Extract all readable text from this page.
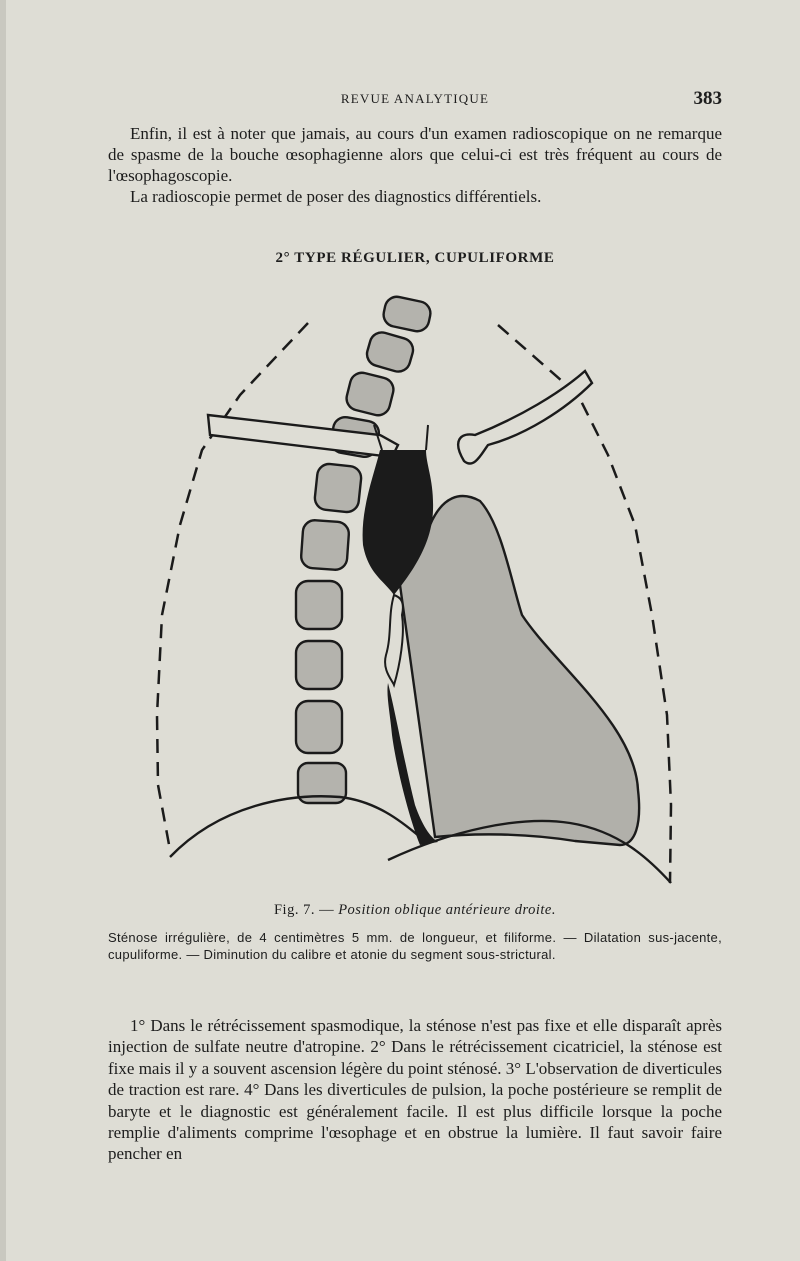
REVUE ANALYTIQUE	383

Enfin, il est à noter que jamais, au cours d'un examen radioscopique on ne remarque de spasme de la bouche œsophagienne alors que celui-ci est très fréquent au cours de l'œsophagoscopie.

La radioscopie permet de poser des diagnostics différentiels.

2° TYPE RÉGULIER, CUPULIFORME
Fig. 7. — Position oblique antérieure droite.
Sténose irrégulière, de 4 centimètres 5 mm. de longueur, et filiforme. — Dilatation sus-jacente, cupuliforme. — Diminution du calibre et atonie du segment sous-strictural.

1° Dans le rétrécissement spasmodique, la sténose n'est pas fixe et elle disparaît après injection de sulfate neutre d'atropine. 2° Dans le rétrécissement cicatriciel, la sténose est fixe mais il y a souvent ascension légère du point sténosé. 3° L'observation de diverticules de traction est rare. 4° Dans les diverticules de pulsion, la poche postérieure se remplit de baryte et le diagnostic est généralement facile. Il est plus difficile lorsque la poche remplie d'aliments comprime l'œsophage et en obstrue la lumière. Il faut savoir faire pencher en
